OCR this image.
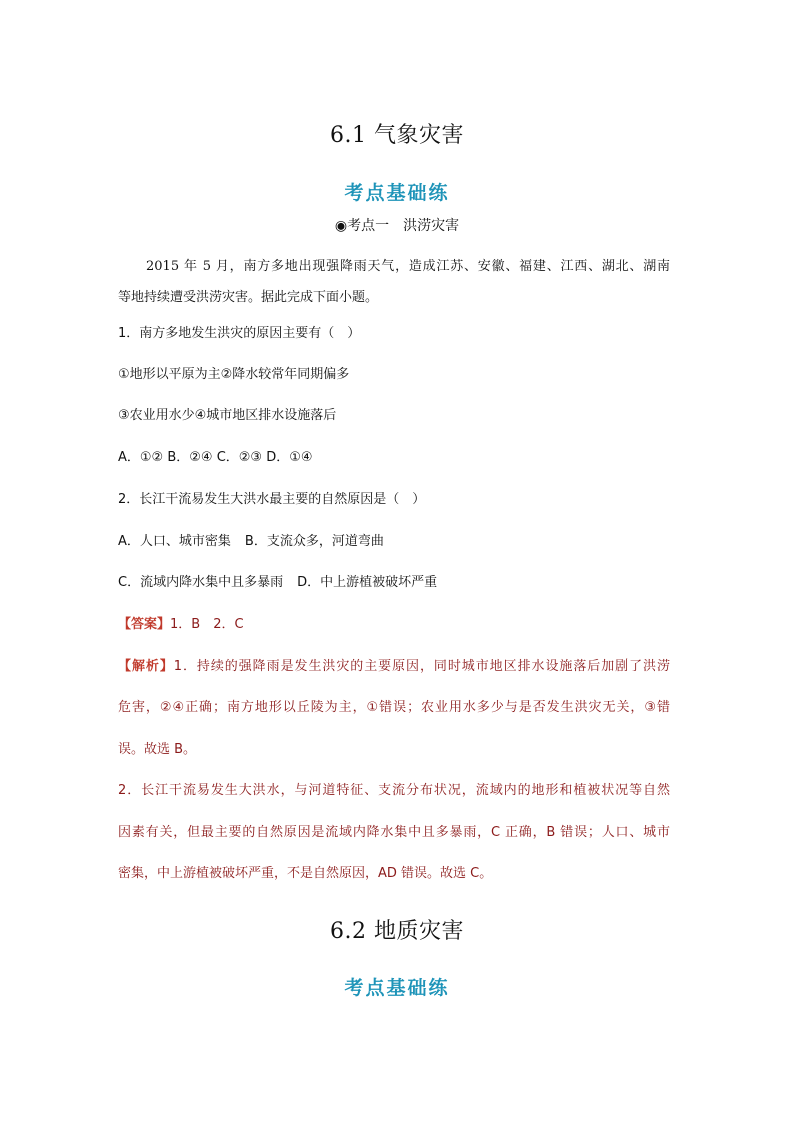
6.1 气象灾害
考点基础练
◉考点一　洪涝灾害
2015 年 5 月，南方多地出现强降雨天气，造成江苏、安徽、福建、江西、湖北、湖南
等地持续遭受洪涝灾害。据此完成下面小题。
1．南方多地发生洪灾的原因主要有（　）
①地形以平原为主②降水较常年同期偏多
③农业用水少④城市地区排水设施落后
A．①② B．②④ C．②③ D．①④
2．长江干流易发生大洪水最主要的自然原因是（　）
A．人口、城市密集 B．支流众多，河道弯曲
C．流域内降水集中且多暴雨 D．中上游植被破坏严重
【答案】1．B　2．C
【解析】1．持续的强降雨是发生洪灾的主要原因，同时城市地区排水设施落后加剧了洪涝
危害，②④正确；南方地形以丘陵为主，①错误；农业用水多少与是否发生洪灾无关，③错
误。故选 B。
2．长江干流易发生大洪水，与河道特征、支流分布状况，流域内的地形和植被状况等自然
因素有关，但最主要的自然原因是流域内降水集中且多暴雨，C 正确，B 错误；人口、城市
密集，中上游植被破坏严重，不是自然原因，AD 错误。故选 C。
6.2 地质灾害
考点基础练
